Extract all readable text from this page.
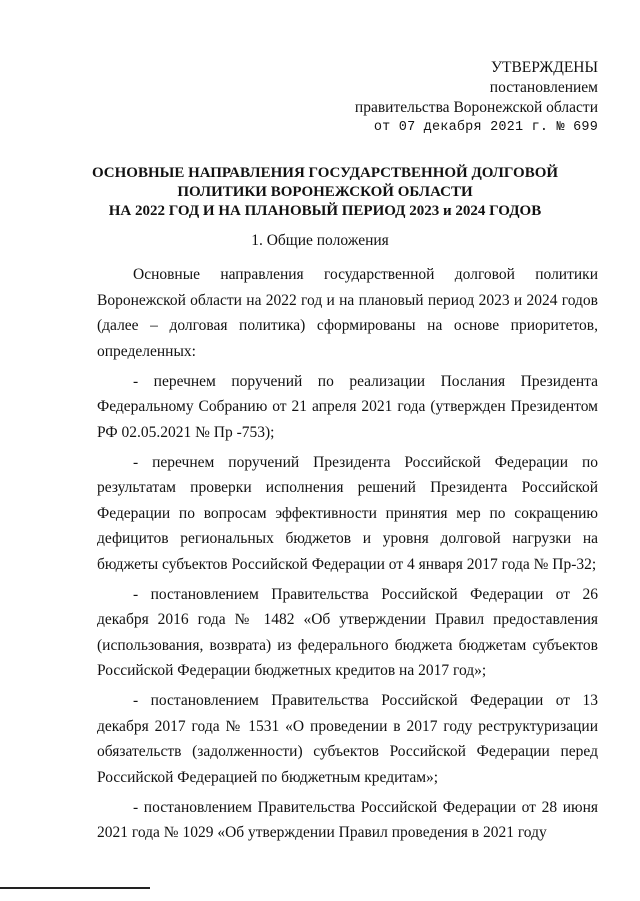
УТВЕРЖДЕНЫ
постановлением
правительства Воронежской области
от 07 декабря 2021 г. № 699
ОСНОВНЫЕ НАПРАВЛЕНИЯ ГОСУДАРСТВЕННОЙ ДОЛГОВОЙ
ПОЛИТИКИ ВОРОНЕЖСКОЙ ОБЛАСТИ
НА 2022 ГОД И НА ПЛАНОВЫЙ ПЕРИОД 2023 и 2024 ГОДОВ
1. Общие положения

Основные направления государственной долговой политики Воронежской области на 2022 год и на плановый период 2023 и 2024 годов (далее – долговая политика) сформированы на основе приоритетов, определенных:

- перечнем поручений по реализации Послания Президента Федеральному Собранию от 21 апреля 2021 года (утвержден Президентом РФ 02.05.2021 № Пр -753);

- перечнем поручений Президента Российской Федерации по результатам проверки исполнения решений Президента Российской Федерации по вопросам эффективности принятия мер по сокращению дефицитов региональных бюджетов и уровня долговой нагрузки на бюджеты субъектов Российской Федерации от 4 января 2017 года № Пр-32;

- постановлением Правительства Российской Федерации от 26 декабря 2016 года № 1482 «Об утверждении Правил предоставления (использования, возврата) из федерального бюджета бюджетам субъектов Российской Федерации бюджетных кредитов на 2017 год»;

- постановлением Правительства Российской Федерации от 13 декабря 2017 года № 1531 «О проведении в 2017 году реструктуризации обязательств (задолженности) субъектов Российской Федерации перед Российской Федерацией по бюджетным кредитам»;

- постановлением Правительства Российской Федерации от 28 июня 2021 года № 1029 «Об утверждении Правил проведения в 2021 году
